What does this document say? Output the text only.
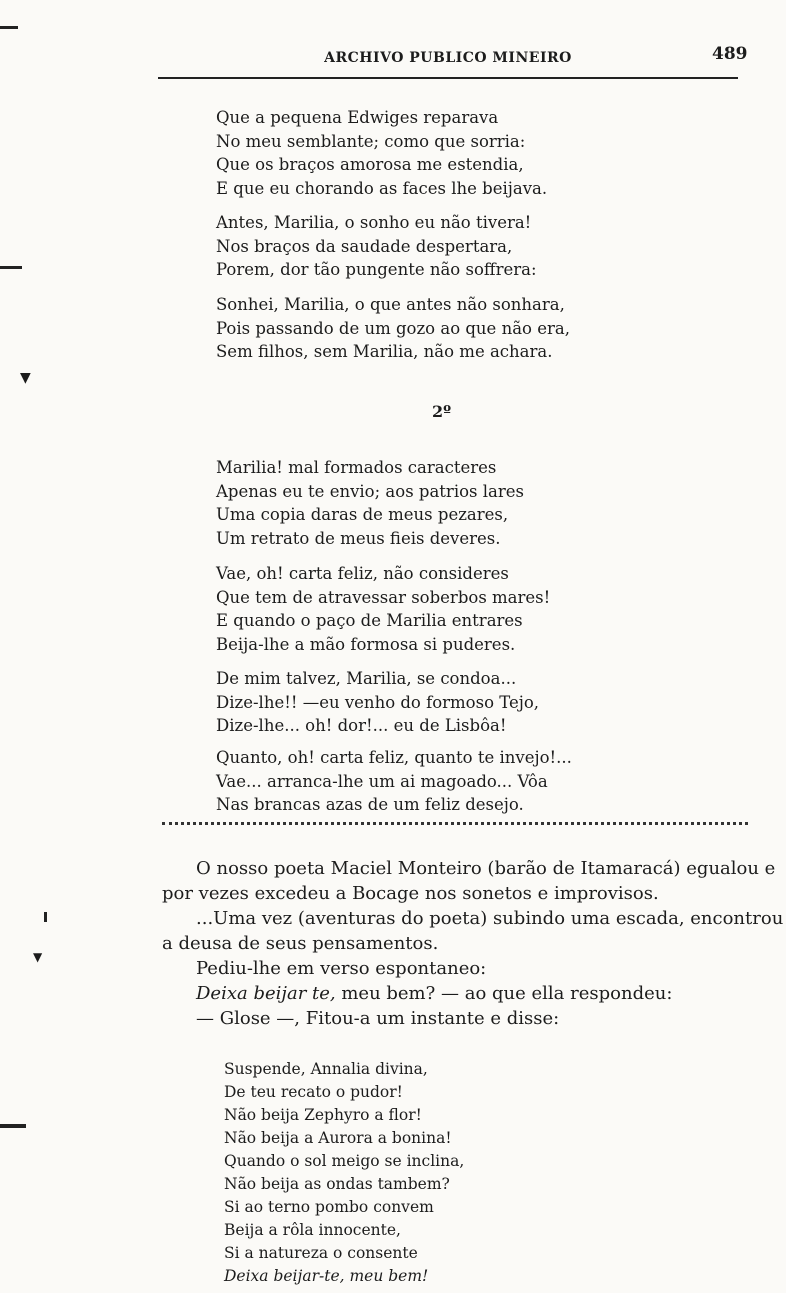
▼
▼
ARCHIVO PUBLICO MINEIRO	489
Que a pequena Edwiges reparava
No meu semblante; como que sorria:
Que os braços amorosa me estendia,
E que eu chorando as faces lhe beijava.
Antes, Marilia, o sonho eu não tivera!
Nos braços da saudade despertara,
Porem, dor tão pungente não soffrera:
Sonhei, Marilia, o que antes não sonhara,
Pois passando de um gozo ao que não era,
Sem filhos, sem Marilia, não me achara.
2º
Marilia! mal formados caracteres
Apenas eu te envio; aos patrios lares
Uma copia daras de meus pezares,
Um retrato de meus fieis deveres.
Vae, oh! carta feliz, não consideres
Que tem de atravessar soberbos mares!
E quando o paço de Marilia entrares
Beija-lhe a mão formosa si puderes.
De mim talvez, Marilia, se condoa...
Dize-lhe!! —eu venho do formoso Tejo,
Dize-lhe... oh! dor!... eu de Lisbôa!
Quanto, oh! carta feliz, quanto te invejo!...
Vae... arranca-lhe um ai magoado... Vôa
Nas brancas azas de um feliz desejo.
O nosso poeta Maciel Monteiro (barão de Itamaracá) egualou e
por vezes excedeu a Bocage nos sonetos e improvisos.
...Uma vez (aventuras do poeta) subindo uma escada, encontrou
a deusa de seus pensamentos.
Pediu-lhe em verso espontaneo:
Deixa beijar te, meu bem? — ao que ella respondeu:
— Glose —, Fitou-a um instante e disse:
Suspende, Annalia divina,
De teu recato o pudor!
Não beija Zephyro a flor!
Não beija a Aurora a bonina!
Quando o sol meigo se inclina,
Não beija as ondas tambem?
Si ao terno pombo convem
Beija a rôla innocente,
Si a natureza o consente
Deixa beijar-te, meu bem!
